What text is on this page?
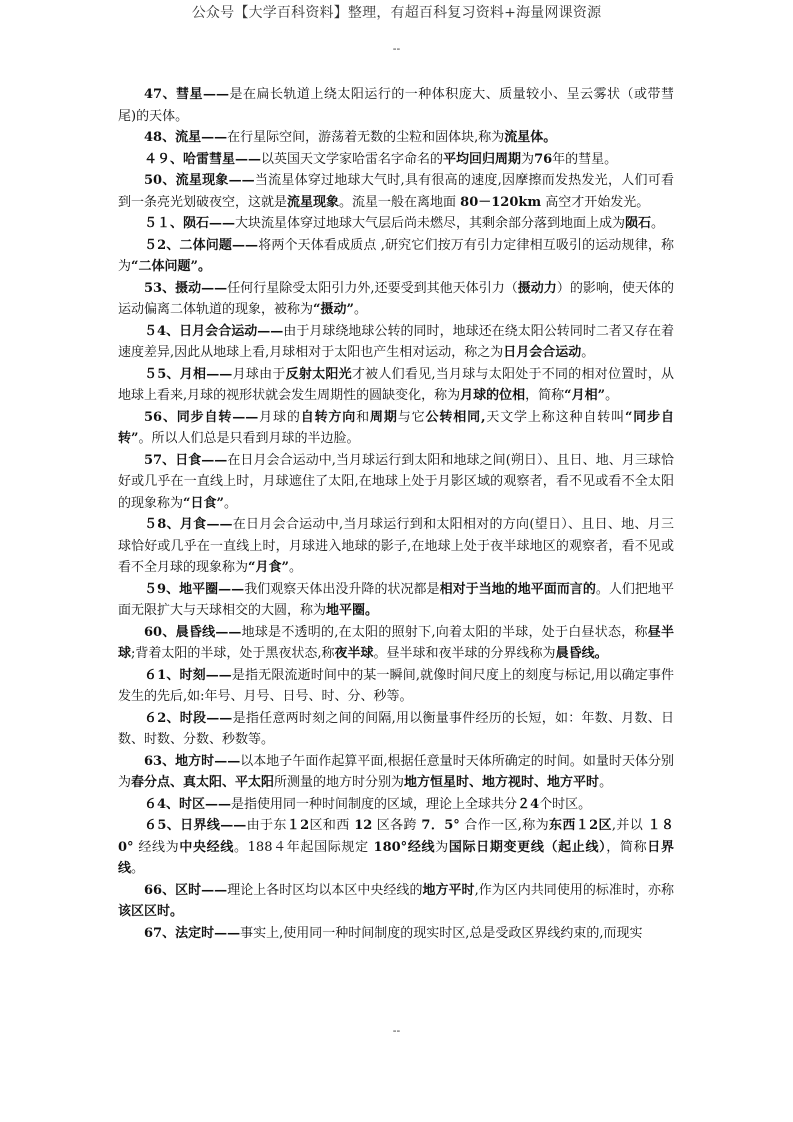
公众号【大学百科资料】整理，有超百科复习资料+海量网课资源
--

47、彗星——是在扁长轨道上绕太阳运行的一种体积庞大、质量较小、呈云雾状（或带彗尾)的天体。

48、流星——在行星际空间，游荡着无数的尘粒和固体块,称为流星体。

４９、哈雷彗星——以英国天文学家哈雷名字命名的平均回归周期为76年的彗星。

50、流星现象——当流星体穿过地球大气时,具有很高的速度,因摩擦而发热发光，人们可看到一条亮光划破夜空，这就是流星现象。流星一般在离地面 80－120km 高空才开始发光。

５１、陨石——大块流星体穿过地球大气层后尚未燃尽，其剩余部分落到地面上成为陨石。

５2、二体问题——将两个天体看成质点 ,研究它们按万有引力定律相互吸引的运动规律，称为“二体问题”。

53、摄动——任何行星除受太阳引力外,还要受到其他天体引力（摄动力）的影响，使天体的运动偏离二体轨道的现象，被称为“摄动”。

５4、日月会合运动——由于月球绕地球公转的同时，地球还在绕太阳公转同时二者又存在着速度差异,因此从地球上看,月球相对于太阳也产生相对运动，称之为日月会合运动。

５5、月相——月球由于反射太阳光才被人们看见,当月球与太阳处于不同的相对位置时，从地球上看来,月球的视形状就会发生周期性的圆缺变化，称为月球的位相，简称“月相”。

56、同步自转——月球的自转方向和周期与它公转相同,天文学上称这种自转叫“同步自转”。所以人们总是只看到月球的半边脸。

57、日食——在日月会合运动中,当月球运行到太阳和地球之间(朔日）、且日、地、月三球恰好或几乎在一直线上时，月球遮住了太阳,在地球上处于月影区域的观察者，看不见或看不全太阳的现象称为“日食”。

５8、月食——在日月会合运动中,当月球运行到和太阳相对的方向(望日）、且日、地、月三球恰好或几乎在一直线上时，月球进入地球的影子,在地球上处于夜半球地区的观察者，看不见或看不全月球的现象称为“月食”。

５9、地平圈——我们观察天体出没升降的状况都是相对于当地的地平面而言的。人们把地平面无限扩大与天球相交的大圆，称为地平圈。

60、晨昏线——地球是不透明的,在太阳的照射下,向着太阳的半球，处于白昼状态，称昼半球;背着太阳的半球，处于黑夜状态,称夜半球。昼半球和夜半球的分界线称为晨昏线。

６1、时刻——是指无限流逝时间中的某一瞬间,就像时间尺度上的刻度与标记,用以确定事件发生的先后,如:年号、月号、日号、时、分、秒等。

６2、时段——是指任意两时刻之间的间隔,用以衡量事件经历的长短，如：年数、月数、日数、时数、分数、秒数等。

63、地方时——以本地子午面作起算平面,根据任意量时天体所确定的时间。如量时天体分别为春分点、真太阳、平太阳所测量的地方时分别为地方恒星时、地方视时、地方平时。

６4、时区——是指使用同一种时间制度的区域，理论上全球共分２4个时区。

６5、日界线——由于东１2区和西 12 区各跨 7．5° 合作一区,称为东西１2区,并以 １８0° 经线为中央经线。188４年起国际规定 180°经线为国际日期变更线（起止线），简称日界线。

66、区时——理论上各时区均以本区中央经线的地方平时,作为区内共同使用的标准时，亦称该区区时。

67、法定时——事实上,使用同一种时间制度的现实时区,总是受政区界线约束的,而现实

--
